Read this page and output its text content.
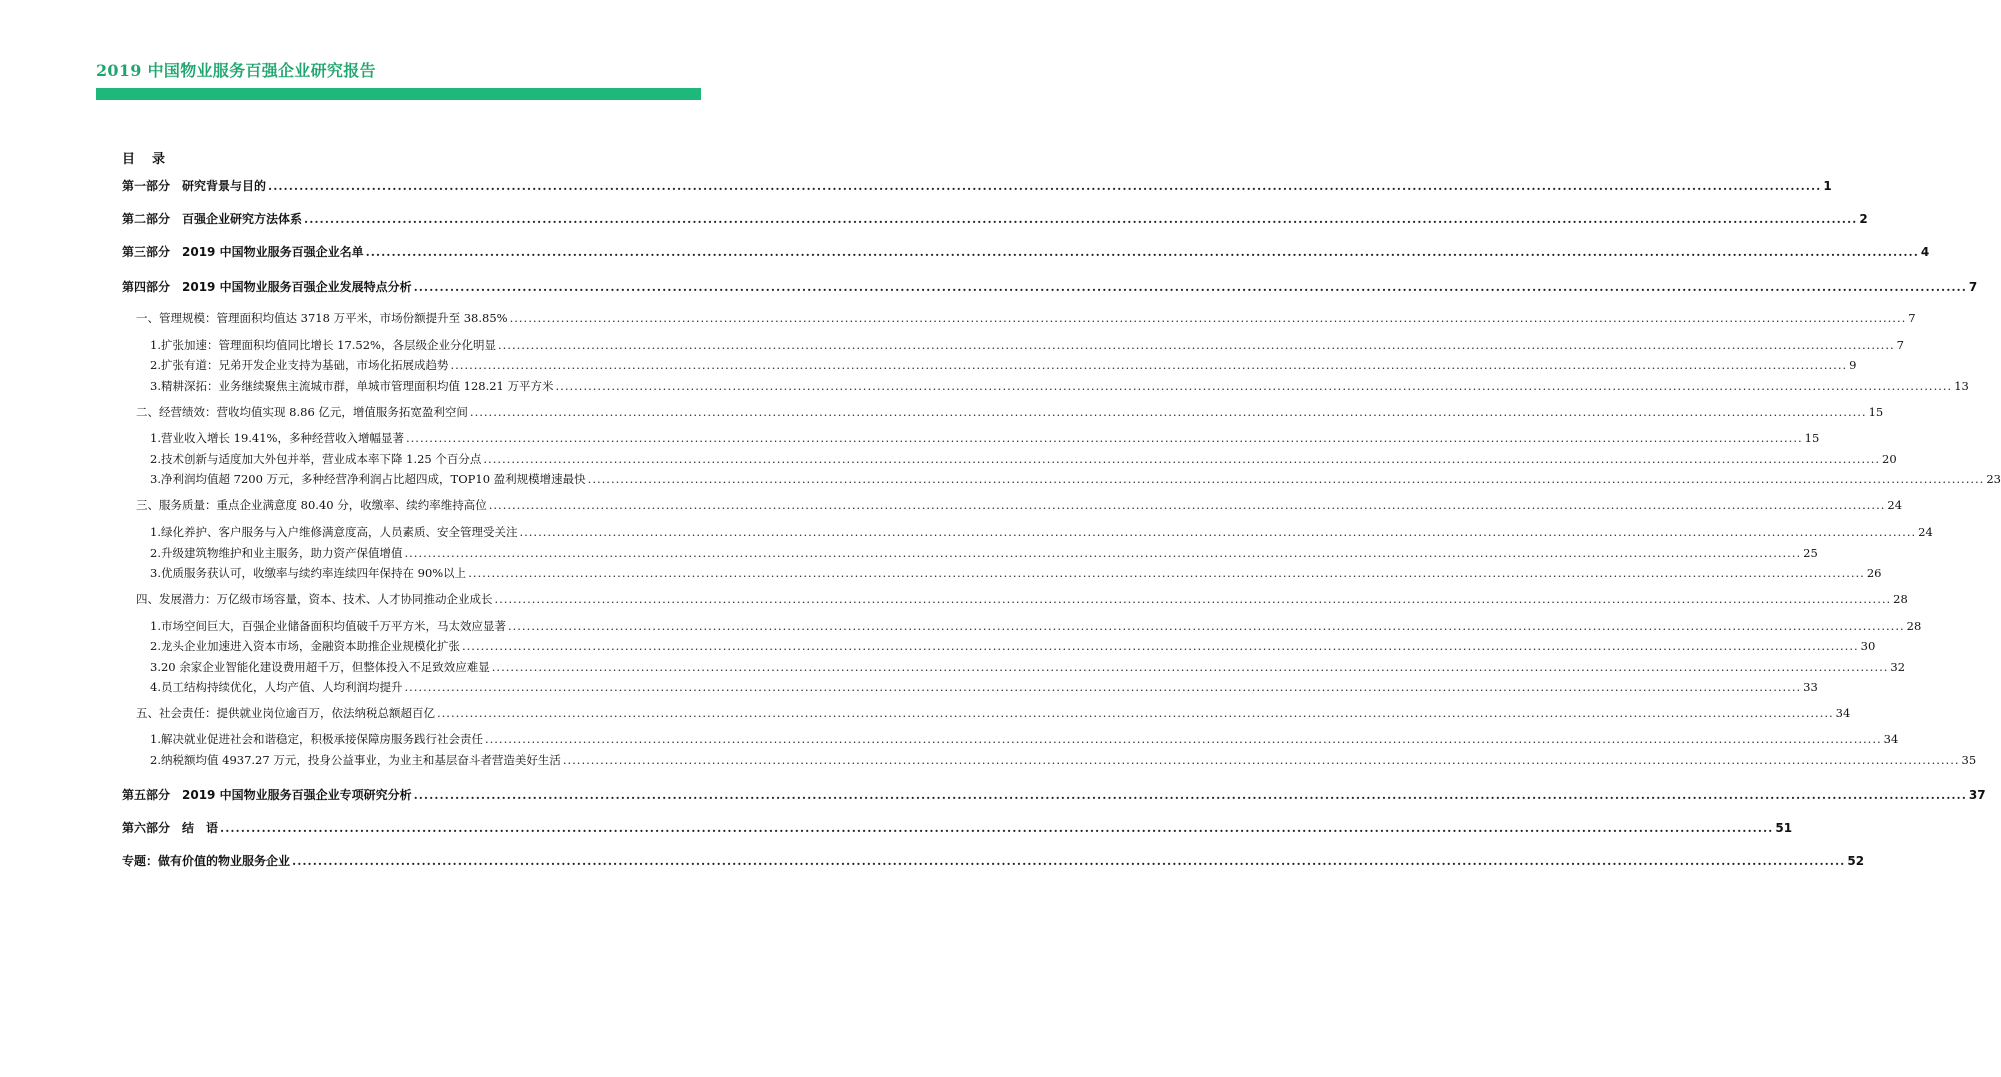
2019 中国物业服务百强企业研究报告
目　录
第一部分　研究背景与目的 ............................................................................................................................................................................................................................................................................................................ 1
第二部分　百强企业研究方法体系 ............................................................................................................................................................................................................................................................................................................ 2
第三部分　2019 中国物业服务百强企业名单 ............................................................................................................................................................................................................................................................................................................ 4
第四部分　2019 中国物业服务百强企业发展特点分析 ............................................................................................................................................................................................................................................................................................................ 7
一、管理规模：管理面积均值达 3718 万平米，市场份额提升至 38.85% ............................................................................................................................................................................................................................................................................................................ 7
1.扩张加速：管理面积均值同比增长 17.52%，各层级企业分化明显 ............................................................................................................................................................................................................................................................................................................ 7
2.扩张有道：兄弟开发企业支持为基础，市场化拓展成趋势 ............................................................................................................................................................................................................................................................................................................ 9
3.精耕深拓：业务继续聚焦主流城市群，单城市管理面积均值 128.21 万平方米 ............................................................................................................................................................................................................................................................................................................ 13
二、经营绩效：营收均值实现 8.86 亿元，增值服务拓宽盈利空间 ............................................................................................................................................................................................................................................................................................................ 15
1.营业收入增长 19.41%，多种经营收入增幅显著 ............................................................................................................................................................................................................................................................................................................ 15
2.技术创新与适度加大外包并举，营业成本率下降 1.25 个百分点 ............................................................................................................................................................................................................................................................................................................ 20
3.净利润均值超 7200 万元，多种经营净利润占比超四成，TOP10 盈利规模增速最快 ............................................................................................................................................................................................................................................................................................................ 23
三、服务质量：重点企业满意度 80.40 分，收缴率、续约率维持高位 ............................................................................................................................................................................................................................................................................................................ 24
1.绿化养护、客户服务与入户维修满意度高，人员素质、安全管理受关注 ............................................................................................................................................................................................................................................................................................................ 24
2.升级建筑物维护和业主服务，助力资产保值增值 ............................................................................................................................................................................................................................................................................................................ 25
3.优质服务获认可，收缴率与续约率连续四年保持在 90%以上 ............................................................................................................................................................................................................................................................................................................ 26
四、发展潜力：万亿级市场容量，资本、技术、人才协同推动企业成长 ............................................................................................................................................................................................................................................................................................................ 28
1.市场空间巨大，百强企业储备面积均值破千万平方米，马太效应显著 ............................................................................................................................................................................................................................................................................................................ 28
2.龙头企业加速进入资本市场，金融资本助推企业规模化扩张 ............................................................................................................................................................................................................................................................................................................ 30
3.20 余家企业智能化建设费用超千万，但整体投入不足致效应难显 ............................................................................................................................................................................................................................................................................................................ 32
4.员工结构持续优化，人均产值、人均利润均提升 ............................................................................................................................................................................................................................................................................................................ 33
五、社会责任：提供就业岗位逾百万，依法纳税总额超百亿 ............................................................................................................................................................................................................................................................................................................ 34
1.解决就业促进社会和谐稳定，积极承接保障房服务践行社会责任 ............................................................................................................................................................................................................................................................................................................ 34
2.纳税额均值 4937.27 万元，投身公益事业，为业主和基层奋斗者营造美好生活 ............................................................................................................................................................................................................................................................................................................ 35
第五部分　2019 中国物业服务百强企业专项研究分析 ............................................................................................................................................................................................................................................................................................................ 37
第六部分　结　语 ............................................................................................................................................................................................................................................................................................................ 51
专题：做有价值的物业服务企业 ............................................................................................................................................................................................................................................................................................................ 52
